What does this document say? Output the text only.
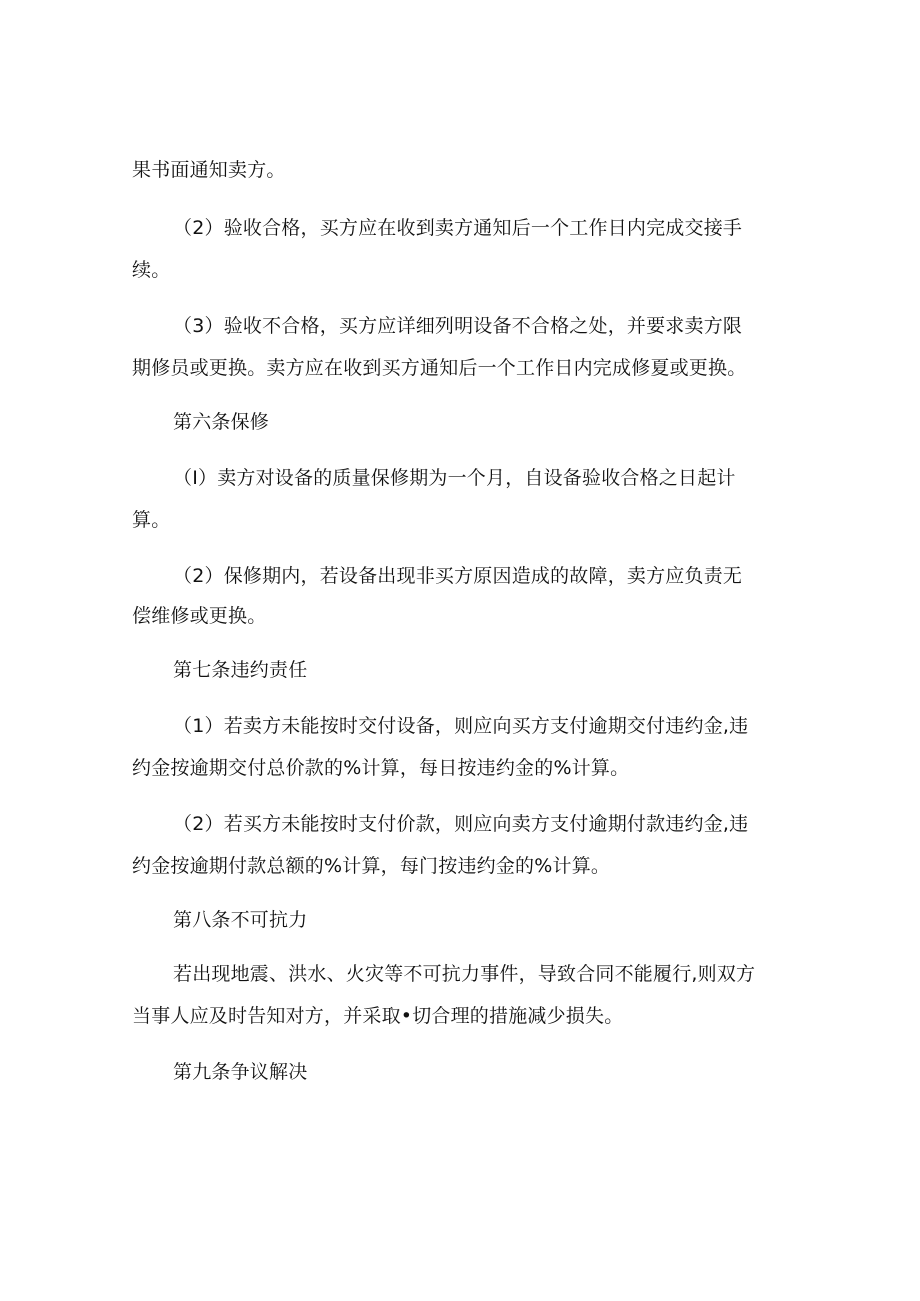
果书面通知卖方。
（2）验收合格，买方应在收到卖方通知后一个工作日内完成交接手
续。
（3）验收不合格，买方应详细列明设备不合格之处，并要求卖方限
期修员或更换。卖方应在收到买方通知后一个工作日内完成修夏或更换。
第六条保修
（I）卖方对设备的质量保修期为一个月，自设备验收合格之日起计
算。
（2）保修期内，若设备出现非买方原因造成的故障，卖方应负责无
偿维修或更换。
第七条违约责任
（1）若卖方未能按时交付设备，则应向买方支付逾期交付违约金,违
约金按逾期交付总价款的%计算，每日按违约金的%计算。
（2）若买方未能按时支付价款，则应向卖方支付逾期付款违约金,违
约金按逾期付款总额的%计算，每门按违约金的%计算。
第八条不可抗力
若出现地震、洪水、火灾等不可抗力事件，导致合同不能履行,则双方
当事人应及时告知对方，并采取•切合理的措施减少损失。
第九条争议解决
